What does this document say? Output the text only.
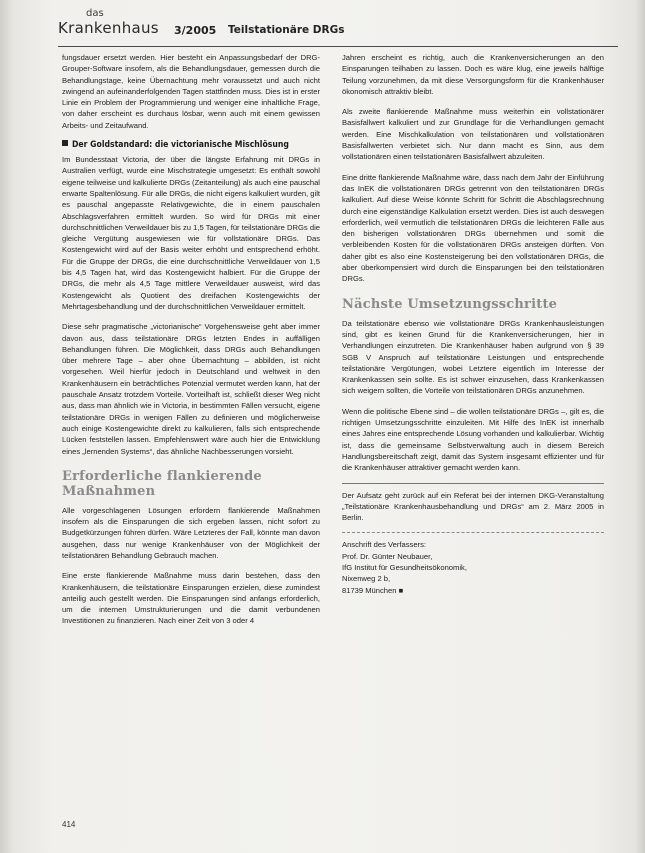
das
Krankenhaus 3/2005 Teilstationäre DRGs

fungsdauer ersetzt werden. Hier besteht ein Anpassungsbedarf der DRG-Grouper-Software insofern, als die Behandlungsdauer, gemessen durch die Behandlungstage, keine Übernachtung mehr voraussetzt und auch nicht zwingend an aufeinanderfolgenden Tagen stattfinden muss. Dies ist in erster Linie ein Problem der Programmierung und weniger eine inhaltliche Frage, von daher erscheint es durchaus lösbar, wenn auch mit einem gewissen Arbeits- und Zeitaufwand.

Der Goldstandard: die victorianische Mischlösung

Im Bundesstaat Victoria, der über die längste Erfahrung mit DRGs in Australien verfügt, wurde eine Mischstrategie umgesetzt: Es enthält sowohl eigene teilweise und kalkulierte DRGs (Zeitanteilung) als auch eine pauschal erwarte Spaltenlösung. Für alle DRGs, die nicht eigens kalkuliert wurden, gilt es pauschal angepasste Relativgewichte, die in einem pauschalen Abschlagsverfahren ermittelt wurden. So wird für DRGs mit einer durchschnittlichen Verweildauer bis zu 1,5 Tagen, für teilstationäre DRGs die gleiche Vergütung ausgewiesen wie für vollstationäre DRGs. Das Kostengewicht wird auf der Basis weiter erhöht und entsprechend erhöht. Für die Gruppe der DRGs, die eine durchschnittliche Verweildauer von 1,5 bis 4,5 Tagen hat, wird das Kostengewicht halbiert. Für die Gruppe der DRGs, die mehr als 4,5 Tage mittlere Verweildauer ausweist, wird das Kostengewicht als Quotient des dreifachen Kostengewichts der Mehrtagesbehandlung und der durchschnittlichen Verweildauer ermittelt.

Diese sehr pragmatische „victorianische“ Vorgehensweise geht aber immer davon aus, dass teilstationäre DRGs letzten Endes in auffälligen Behandlungen führen. Die Möglichkeit, dass DRGs auch Behandlungen über mehrere Tage – aber ohne Übernachtung – abbilden, ist nicht vorgesehen. Weil hierfür jedoch in Deutschland und weltweit in den Krankenhäusern ein beträchtliches Potenzial vermutet werden kann, hat der pauschale Ansatz trotzdem Vorteile. Vorteilhaft ist, schließt dieser Weg nicht aus, dass man ähnlich wie in Victoria, in bestimmten Fällen versucht, eigene teilstationäre DRGs in wenigen Fällen zu definieren und möglicherweise auch einige Kostengewichte direkt zu kalkulieren, falls sich entsprechende Lücken feststellen lassen. Empfehlenswert wäre auch hier die Entwicklung eines „lernenden Systems“, das ähnliche Nachbesserungen vorsieht.

Erforderliche flankierende Maßnahmen

Alle vorgeschlagenen Lösungen erfordern flankierende Maßnahmen insofern als die Einsparungen die sich ergeben lassen, nicht sofort zu Budgetkürzungen führen dürfen. Wäre Letzteres der Fall, könnte man davon ausgehen, dass nur wenige Krankenhäuser von der Möglichkeit der teilstationären Behandlung Gebrauch machen.

Eine erste flankierende Maßnahme muss darin bestehen, dass den Krankenhäusern, die teilstationäre Einsparungen erzielen, diese zumindest anteilig auch gestellt werden. Die Einsparungen sind anfangs erforderlich, um die internen Umstrukturierungen und die damit verbundenen Investitionen zu finanzieren. Nach einer Zeit von 3 oder 4

Jahren erscheint es richtig, auch die Krankenversicherungen an den Einsparungen teilhaben zu lassen. Doch es wäre klug, eine jeweils hälftige Teilung vorzunehmen, da mit diese Versorgungsform für die Krankenhäuser ökonomisch attraktiv bleibt.

Als zweite flankierende Maßnahme muss weiterhin ein vollstationärer Basisfallwert kalkuliert und zur Grundlage für die Verhandlungen gemacht werden. Eine Mischkalkulation von teilstationären und vollstationären Basisfallwerten verbietet sich. Nur dann macht es Sinn, aus dem vollstationären einen teilstationären Basisfallwert abzuleiten.

Eine dritte flankierende Maßnahme wäre, dass nach dem Jahr der Einführung das InEK die vollstationären DRGs getrennt von den teilstationären DRGs kalkuliert. Auf diese Weise könnte Schritt für Schritt die Abschlagsrechnung durch eine eigenständige Kalkulation ersetzt werden. Dies ist auch deswegen erforderlich, weil vermutlich die teilstationären DRGs die leichteren Fälle aus den bisherigen vollstationären DRGs übernehmen und somit die verbleibenden Kosten für die vollstationären DRGs ansteigen dürften. Von daher gibt es also eine Kostensteigerung bei den vollstationären DRGs, die aber überkompensiert wird durch die Einsparungen bei den teilstationären DRGs.

Nächste Umsetzungsschritte

Da teilstationäre ebenso wie vollstationäre DRGs Krankenhausleistungen sind, gibt es keinen Grund für die Krankenversicherungen, hier in Verhandlungen einzutreten. Die Krankenhäuser haben aufgrund von § 39 SGB V Anspruch auf teilstationäre Leistungen und entsprechende teilstationäre Vergütungen, wobei Letztere eigentlich im Interesse der Krankenkassen sein sollte. Es ist schwer einzusehen, dass Krankenkassen sich weigern sollten, die Vorteile von teilstationären DRGs anzunehmen.

Wenn die politische Ebene sind – die wollen teilstationäre DRGs –, gilt es, die richtigen Umsetzungsschritte einzuleiten. Mit Hilfe des InEK ist innerhalb eines Jahres eine entsprechende Lösung vorhanden und kalkulierbar. Wichtig ist, dass die gemeinsame Selbstverwaltung auch in diesem Bereich Handlungsbereitschaft zeigt, damit das System insgesamt effizienter und für die Krankenhäuser attraktiver gemacht werden kann.

Der Aufsatz geht zurück auf ein Referat bei der internen DKG-Veranstaltung „Teilstationäre Krankenhausbehandlung und DRGs“ am 2. März 2005 in Berlin.

Anschrift des Verfassers:
Prof. Dr. Günter Neubauer,
IfG Institut für Gesundheitsökonomik,
Nixenweg 2 b,
81739 München ■
414
